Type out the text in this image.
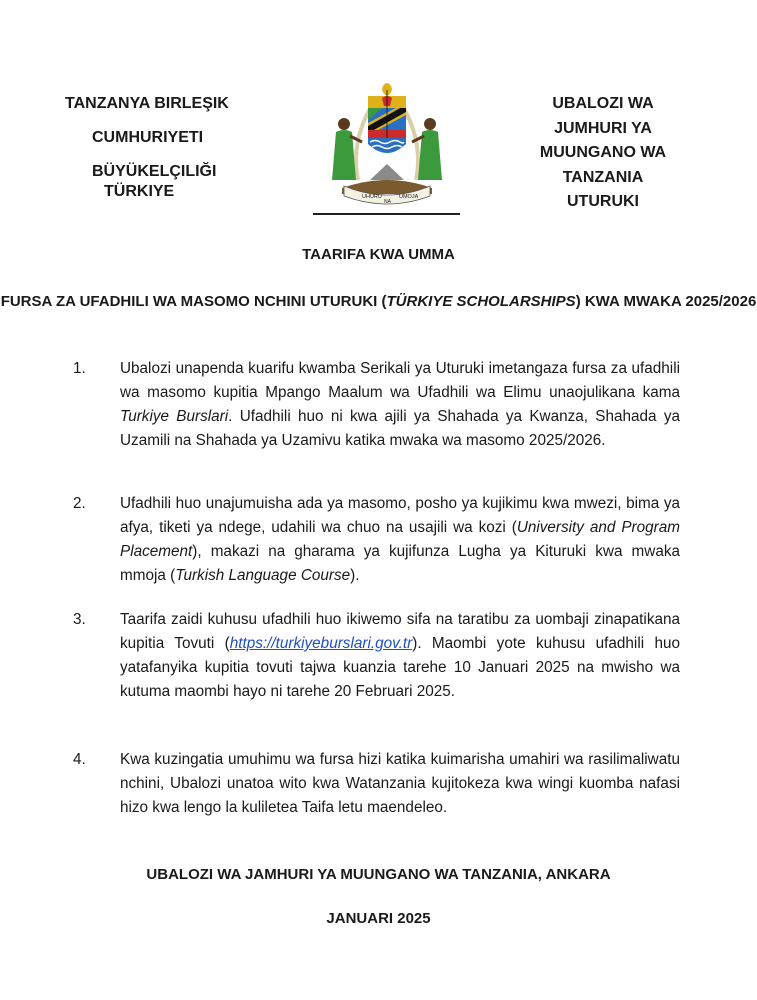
TANZANYA BIRLEŞIK
CUMHURIYETI
BÜYÜKELÇILIĞI
TÜRKIYE	UHURU
NA
UMOJA
UBALOZI WA
JUMHURI YA
MUUNGANO WA
TANZANIA
UTURUKI
TAARIFA KWA UMMA
FURSA ZA UFADHILI WA MASOMO NCHINI UTURUKI (TÜRKIYE SCHOLARSHIPS) KWA MWAKA 2025/2026
1. Ubalozi unapenda kuarifu kwamba Serikali ya Uturuki imetangaza fursa za ufadhili wa masomo kupitia Mpango Maalum wa Ufadhili wa Elimu unaojulikana kama Turkiye Burslari. Ufadhili huo ni kwa ajili ya Shahada ya Kwanza, Shahada ya Uzamili na Shahada ya Uzamivu katika mwaka wa masomo 2025/2026.
2. Ufadhili huo unajumuisha ada ya masomo, posho ya kujikimu kwa mwezi, bima ya afya, tiketi ya ndege, udahili wa chuo na usajili wa kozi (University and Program Placement), makazi na gharama ya kujifunza Lugha ya Kituruki kwa mwaka mmoja (Turkish Language Course).
3. Taarifa zaidi kuhusu ufadhili huo ikiwemo sifa na taratibu za uombaji zinapatikana kupitia Tovuti (https://turkiyeburslari.gov.tr). Maombi yote kuhusu ufadhili huo yatafanyika kupitia tovuti tajwa kuanzia tarehe 10 Januari 2025 na mwisho wa kutuma maombi hayo ni tarehe 20 Februari 2025.
4. Kwa kuzingatia umuhimu wa fursa hizi katika kuimarisha umahiri wa rasilimaliwatu nchini, Ubalozi unatoa wito kwa Watanzania kujitokeza kwa wingi kuomba nafasi hizo kwa lengo la kuliletea Taifa letu maendeleo.
UBALOZI WA JAMHURI YA MUUNGANO WA TANZANIA, ANKARA
JANUARI 2025
